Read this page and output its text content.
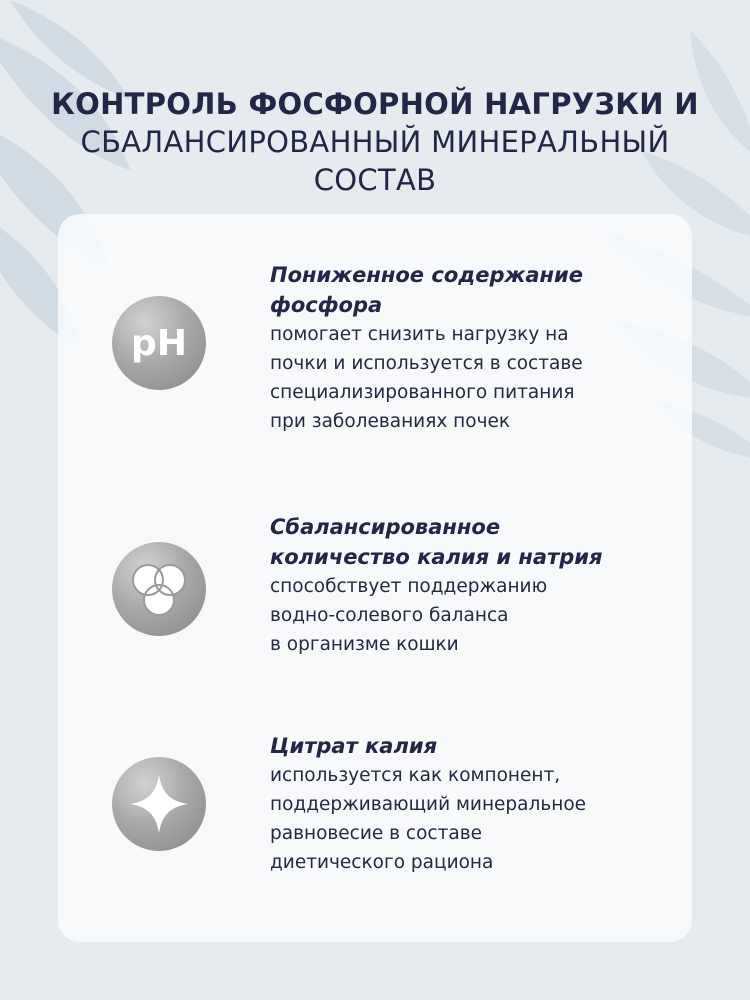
КОНТРОЛЬ ФОСФОРНОЙ НАГРУЗКИ И
СБАЛАНСИРОВАННЫЙ МИНЕРАЛЬНЫЙ
СОСТАВ
pH
Пониженное содержание
фосфора
помогает снизить нагрузку на
почки и используется в составе
специализированного питания
при заболеваниях почек
Сбалансированное
количество калия и натрия
способствует поддержанию
водно-солевого баланса
в организме кошки
Цитрат калия
используется как компонент,
поддерживающий минеральное
равновесие в составе
диетического рациона
